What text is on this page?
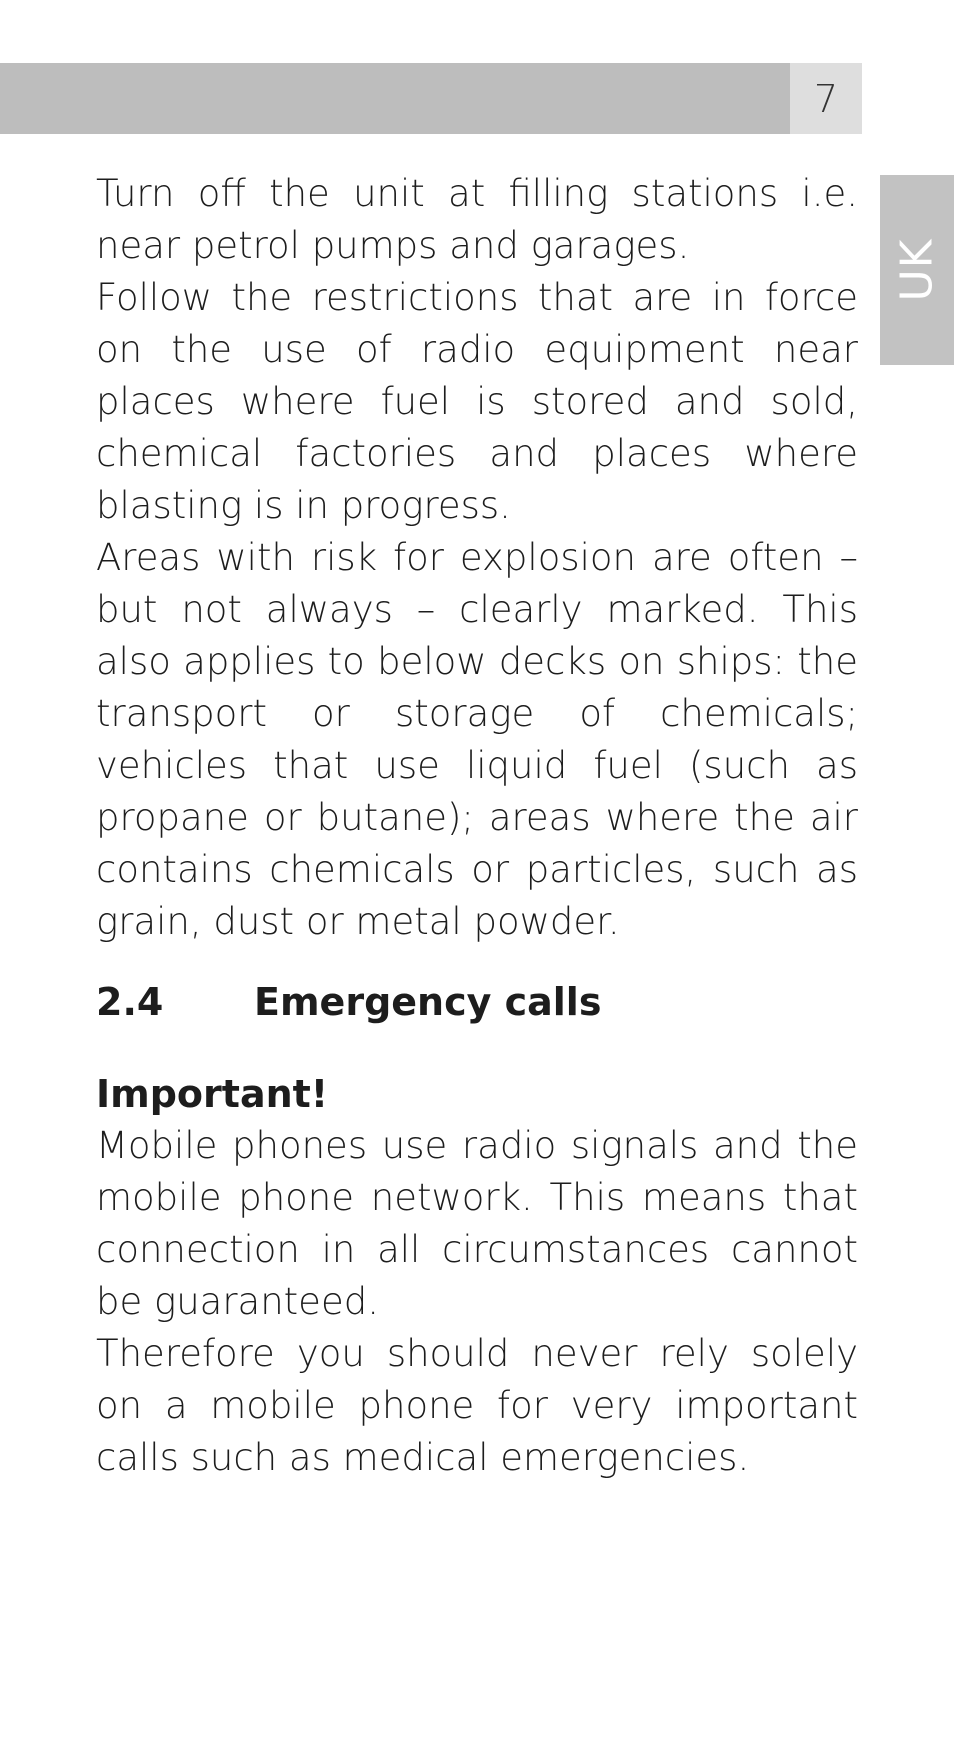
7
UK

Turn off the unit at filling stations i.e. near petrol pumps and garages.

Follow the restrictions that are in force on the use of radio equipment near places where fuel is stored and sold, chemical factories and places where blasting is in progress.

Areas with risk for explosion are often – but not always – clearly marked. This also applies to below decks on ships: the transport or storage of chemicals; vehicles that use liquid fuel (such as propane or butane); areas where the air contains chemicals or particles, such as grain, dust or metal powder.

2.4	Emergency calls
Important!

Mobile phones use radio signals and the mobile phone network. This means that connection in all circumstances cannot be guaranteed.

Therefore you should never rely solely on a mobile phone for very important calls such as medical emergencies.
